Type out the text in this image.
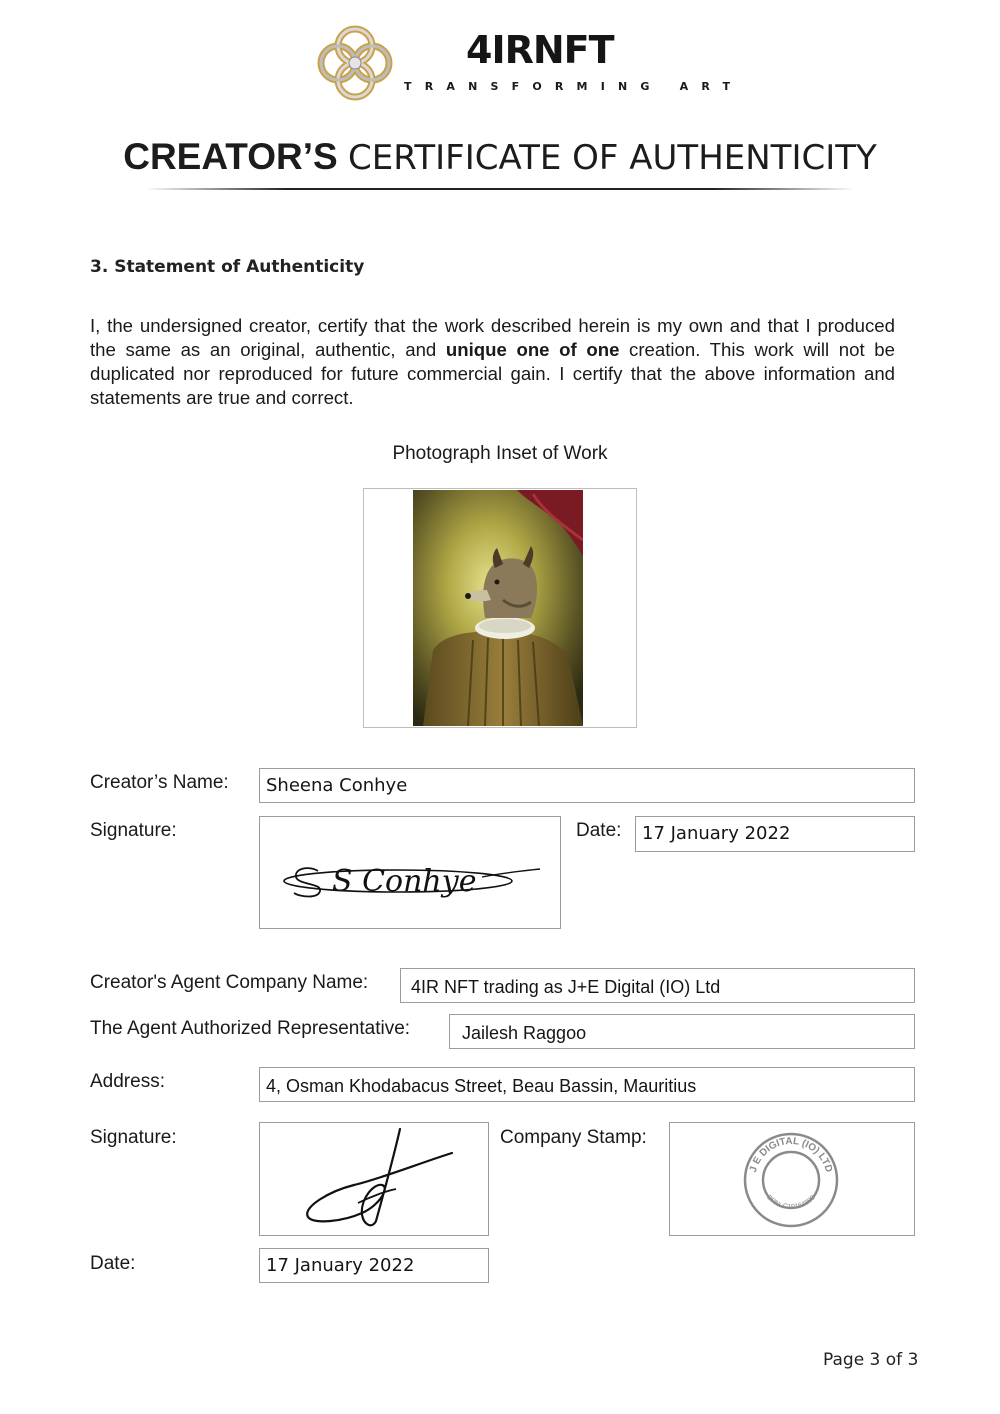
4IRNFT
TRANSFORMING ART
CREATOR’S CERTIFICATE OF AUTHENTICITY
3. Statement of Authenticity
I, the undersigned creator, certify that the work described herein is my own and that I produced the same as an original, authentic, and unique one of one creation. This work will not be duplicated nor reproduced for future commercial gain. I certify that the above information and statements are true and correct.
Photograph Inset of Work
Creator’s Name: Sheena Conhye
Signature:
S Conhye
Date: 17 January 2022
Creator's Agent Company Name: 4IR NFT trading as J+E Digital (IO) Ltd
The Agent Authorized Representative:	Jailesh Raggoo
Address:	4, Osman Khodabacus Street, Beau Bassin, Mauritius
Signature:	Company Stamp:
J E DIGITAL (IO) LTD
BRN: C19164809
Date:	17 January 2022
Page 3 of 3
